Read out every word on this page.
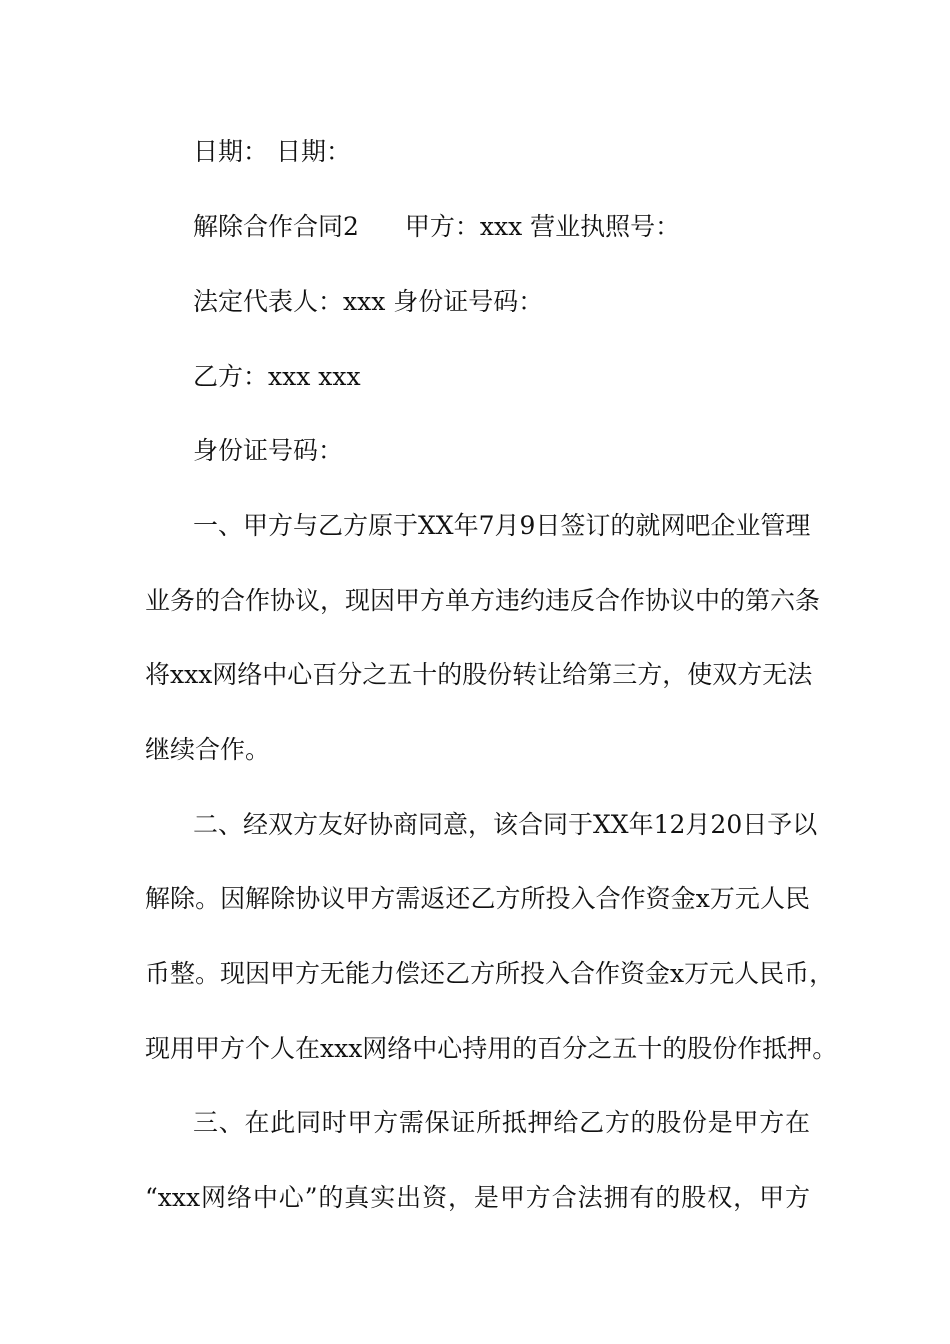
日期： 日期：
解除合作合同2 甲方：xxx 营业执照号：
法定代表人：xxx 身份证号码：
乙方：xxx xxx
身份证号码：
一、甲方与乙方原于XX年7月9日签订的就网吧企业管理
业务的合作协议，现因甲方单方违约违反合作协议中的第六条
将xxx网络中心百分之五十的股份转让给第三方，使双方无法
继续合作。
二、经双方友好协商同意，该合同于XX年12月20日予以
解除。因解除协议甲方需返还乙方所投入合作资金x万元人民
币整。现因甲方无能力偿还乙方所投入合作资金x万元人民币，
现用甲方个人在xxx网络中心持用的百分之五十的股份作抵押。
三、在此同时甲方需保证所抵押给乙方的股份是甲方在
“xxx网络中心”的真实出资，是甲方合法拥有的股权，甲方
